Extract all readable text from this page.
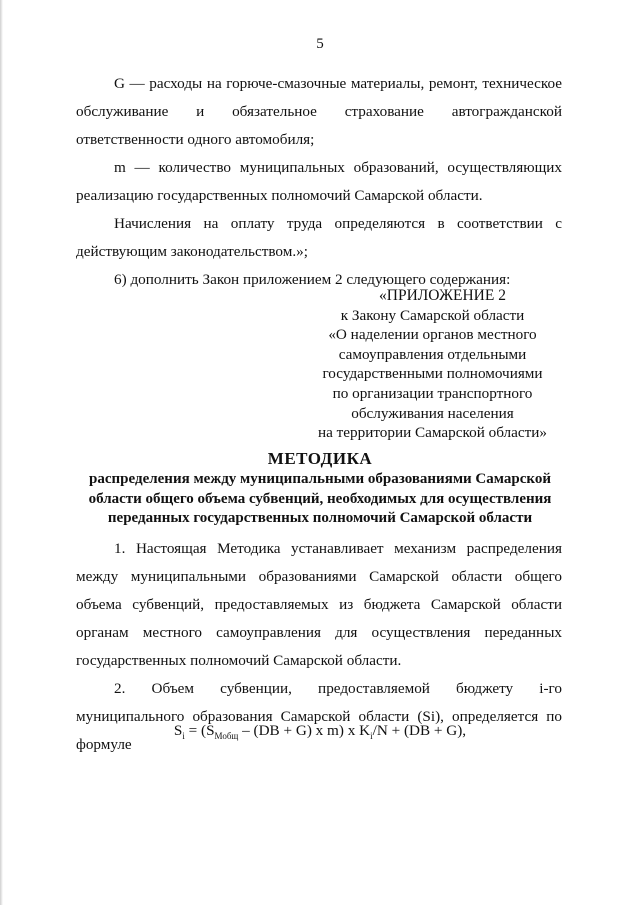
5

G — расходы на горюче-смазочные материалы, ремонт, техническое обслуживание и обязательное страхование автогражданской ответственности одного автомобиля;

m — количество муниципальных образований, осуществляющих реализацию государственных полномочий Самарской области.

Начисления на оплату труда определяются в соответствии с действующим законодательством.»;

6) дополнить Закон приложением 2 следующего содержания:

«ПРИЛОЖЕНИЕ 2
к Закону Самарской области
«О наделении органов местного
самоуправления отдельными
государственными полномочиями
по организации транспортного
обслуживания населения
на территории Самарской области»
МЕТОДИКА
распределения между муниципальными образованиями Самарской
области общего объема субвенций, необходимых для осуществления
переданных государственных полномочий Самарской области

1. Настоящая Методика устанавливает механизм распределения между муниципальными образованиями Самарской области общего объема субвенций, предоставляемых из бюджета Самарской области органам местного самоуправления для осуществления переданных государственных полномочий Самарской области.

2. Объем субвенции, предоставляемой бюджету i-го муниципального образования Самарской области (Si), определяется по формуле

$S_i = (S_{Мобщ} - (DB + G)$ x m) x $K_i/N + (DB + G)$,
